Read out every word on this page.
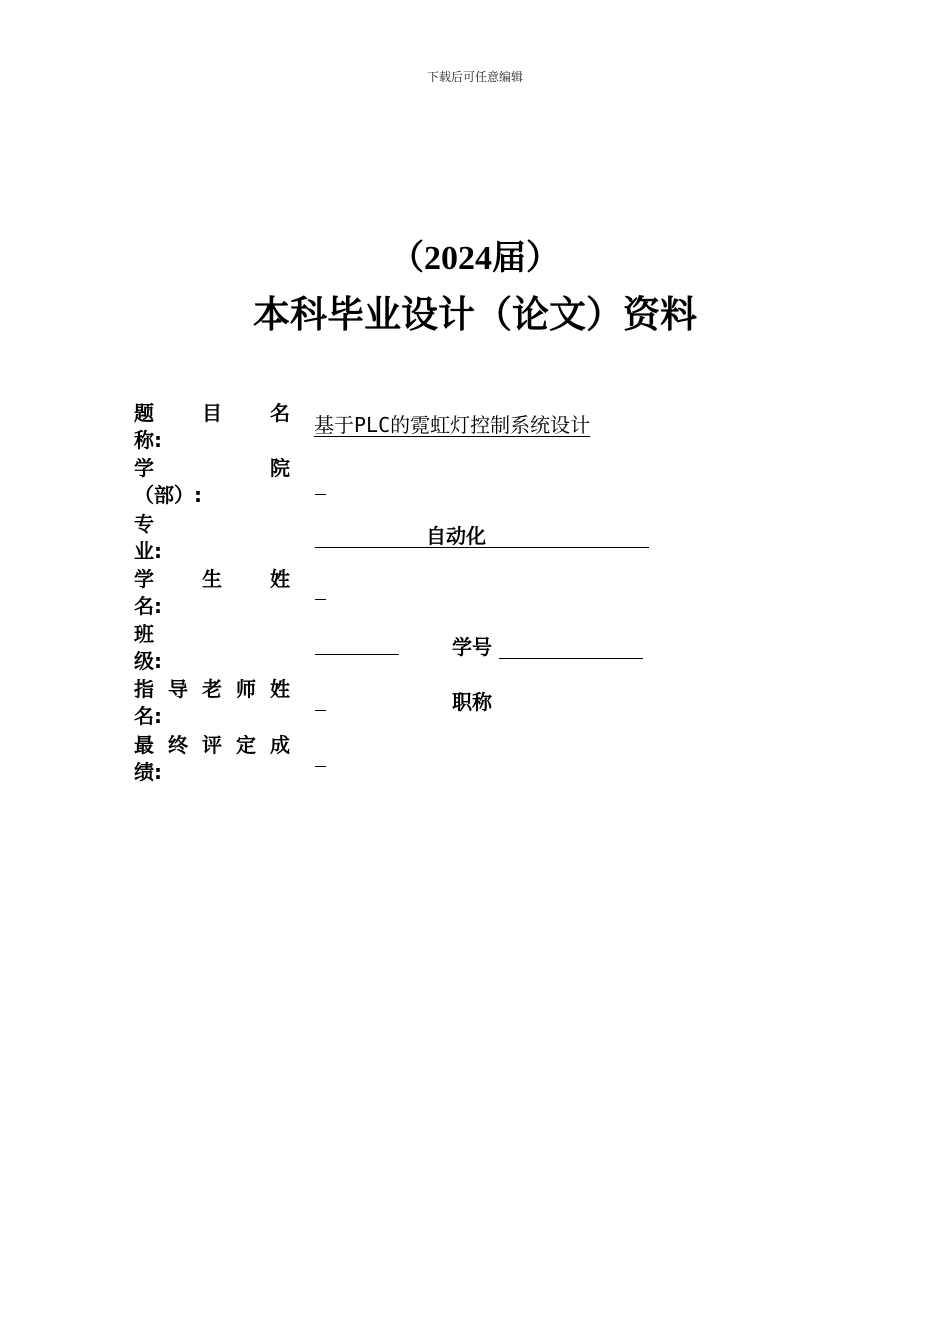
下载后可任意编辑
（2024届）
本科毕业设计（论文）资料
题 目 名
称:
基于PLC的霓虹灯控制系统设计
学	院
（部）:
专
业:
自动化
学 生 姓
名:
班
级:
学号
指 导 老 师 姓
名:
职称
最 终 评 定 成
绩:
